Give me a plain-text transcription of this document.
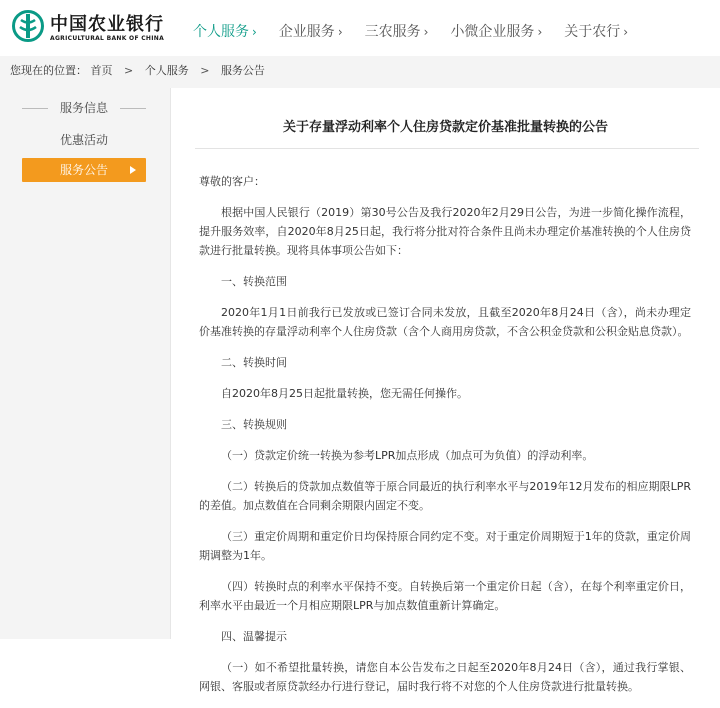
中国农业银行
AGRICULTURAL BANK OF CHINA	个人服务 ›	企业服务 ›	三农服务 ›	小微企业服务 ›	关于农行 ›
您现在的位置： 首页 > 个人服务 > 服务公告
服务信息
优惠活动
服务公告
关于存量浮动利率个人住房贷款定价基准批量转换的公告
尊敬的客户：
根据中国人民银行（2019）第30号公告及我行2020年2月29日公告，为进一步简化操作流程，提升服务效率，自2020年8月25日起，我行将分批对符合条件且尚未办理定价基准转换的个人住房贷款进行批量转换。现将具体事项公告如下：
一、转换范围
2020年1月1日前我行已发放或已签订合同未发放，且截至2020年8月24日（含），尚未办理定价基准转换的存量浮动利率个人住房贷款（含个人商用房贷款，不含公积金贷款和公积金贴息贷款）。
二、转换时间
自2020年8月25日起批量转换，您无需任何操作。
三、转换规则
（一）贷款定价统一转换为参考LPR加点形成（加点可为负值）的浮动利率。
（二）转换后的贷款加点数值等于原合同最近的执行利率水平与2019年12月发布的相应期限LPR的差值。加点数值在合同剩余期限内固定不变。
（三）重定价周期和重定价日均保持原合同约定不变。对于重定价周期短于1年的贷款，重定价周期调整为1年。
（四）转换时点的利率水平保持不变。自转换后第一个重定价日起（含），在每个利率重定价日，利率水平由最近一个月相应期限LPR与加点数值重新计算确定。
四、温馨提示
（一）如不希望批量转换，请您自本公告发布之日起至2020年8月24日（含），通过我行掌银、网银、客服或者原贷款经办行进行登记，届时我行将不对您的个人住房贷款进行批量转换。
